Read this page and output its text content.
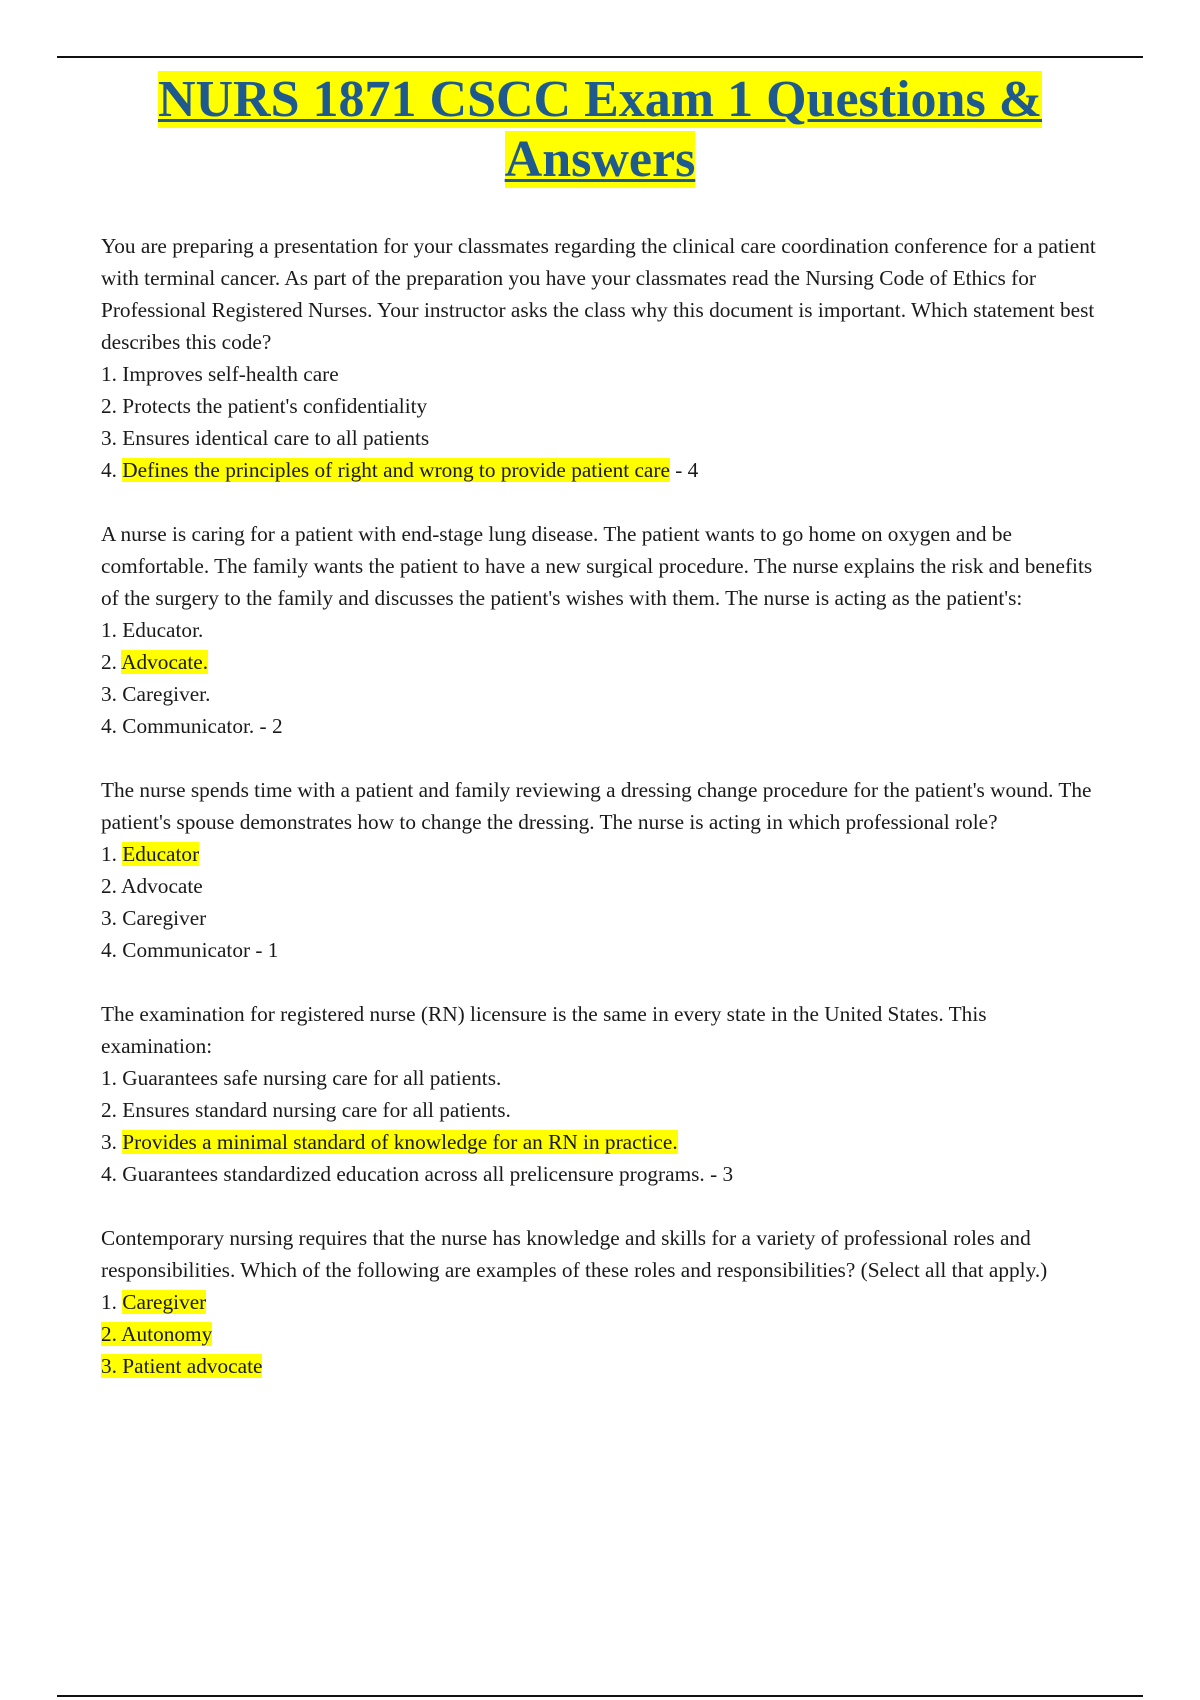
NURS 1871 CSCC Exam 1 Questions &
Answers

You are preparing a presentation for your classmates regarding the clinical care coordination conference for a patient with terminal cancer. As part of the preparation you have your classmates read the Nursing Code of Ethics for Professional Registered Nurses. Your instructor asks the class why this document is important. Which statement best describes this code?

1. Improves self-health care
2. Protects the patient's confidentiality
3. Ensures identical care to all patients
4. Defines the principles of right and wrong to provide patient care - 4

A nurse is caring for a patient with end-stage lung disease. The patient wants to go home on oxygen and be comfortable. The family wants the patient to have a new surgical procedure. The nurse explains the risk and benefits of the surgery to the family and discusses the patient's wishes with them. The nurse is acting as the patient's:

1. Educator.
2. Advocate.
3. Caregiver.
4. Communicator. - 2

The nurse spends time with a patient and family reviewing a dressing change procedure for the patient's wound. The patient's spouse demonstrates how to change the dressing. The nurse is acting in which professional role?

1. Educator
2. Advocate
3. Caregiver
4. Communicator - 1

The examination for registered nurse (RN) licensure is the same in every state in the United States. This examination:

1. Guarantees safe nursing care for all patients.
2. Ensures standard nursing care for all patients.
3. Provides a minimal standard of knowledge for an RN in practice.
4. Guarantees standardized education across all prelicensure programs. - 3

Contemporary nursing requires that the nurse has knowledge and skills for a variety of professional roles and responsibilities. Which of the following are examples of these roles and responsibilities? (Select all that apply.)

1. Caregiver
2. Autonomy
3. Patient advocate
